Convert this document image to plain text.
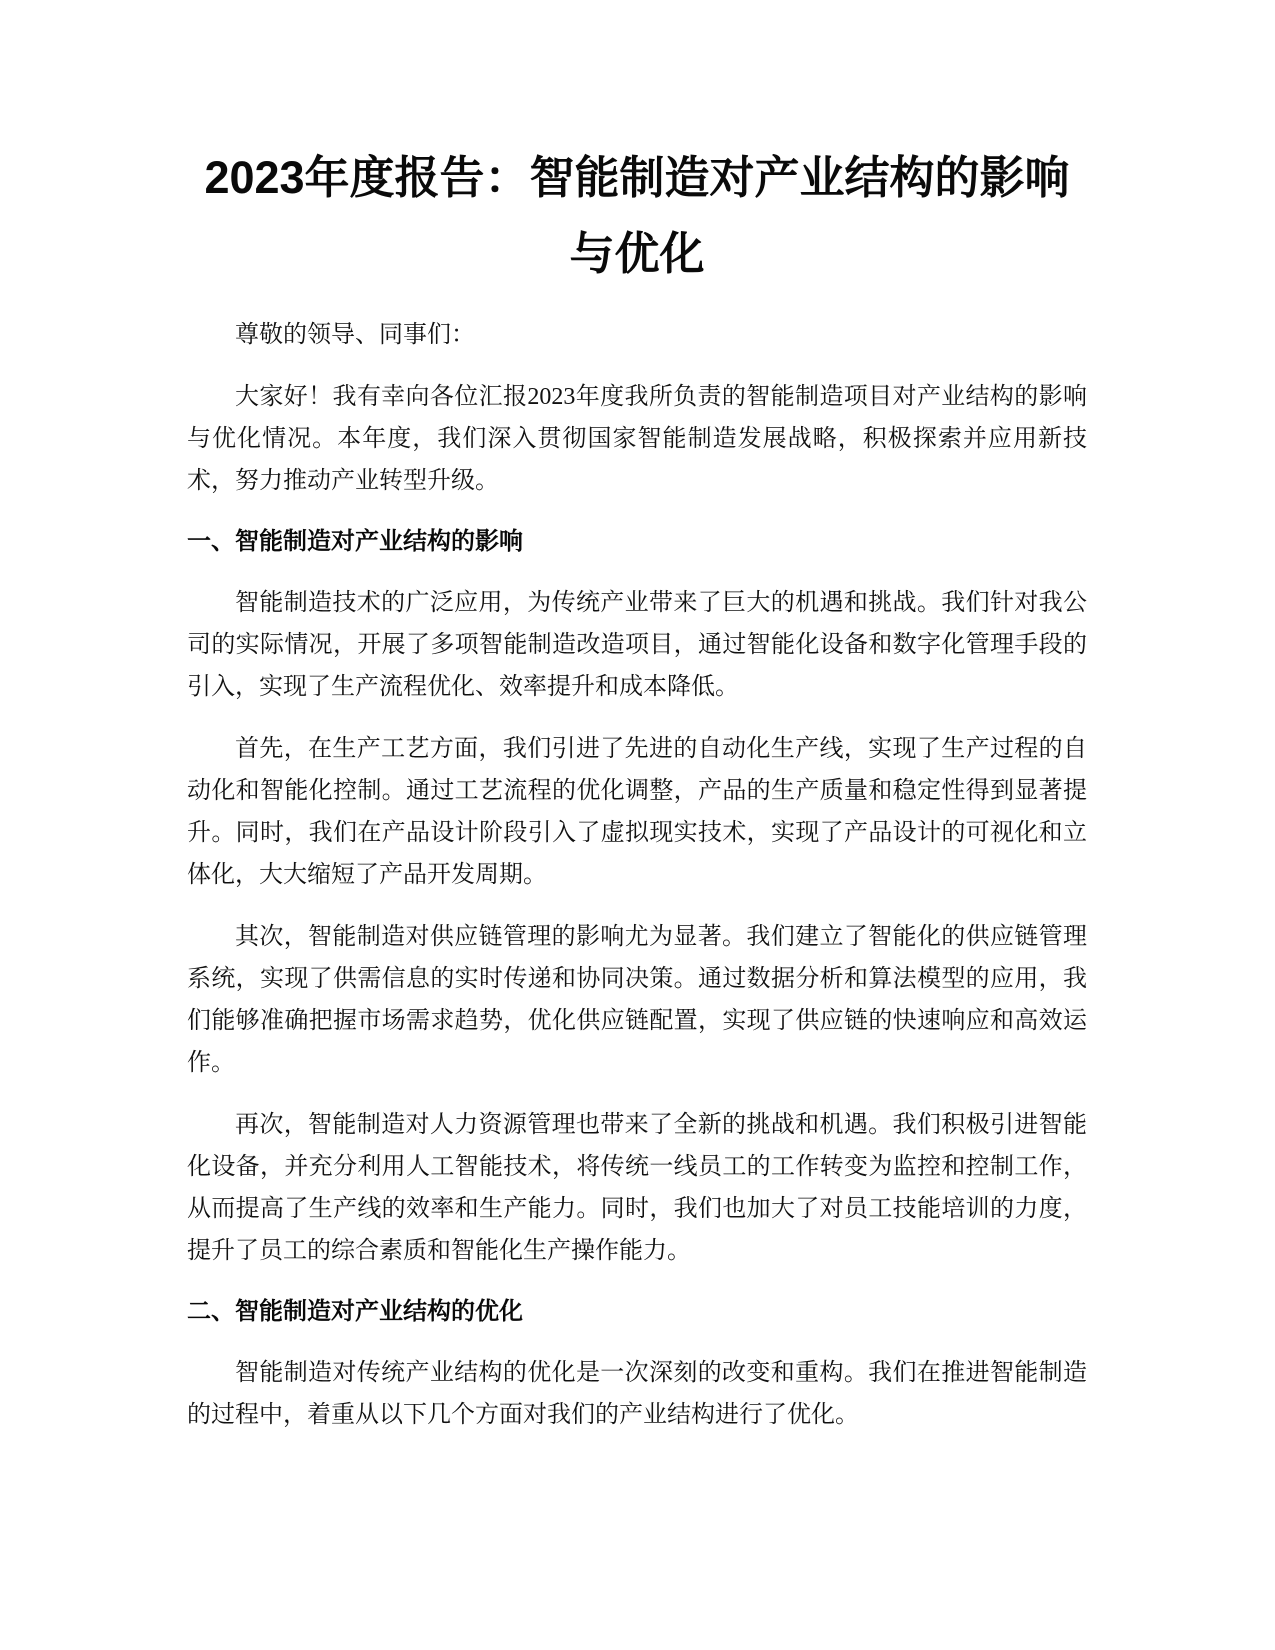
2023年度报告：智能制造对产业结构的影响与优化

尊敬的领导、同事们：

大家好！我有幸向各位汇报2023年度我所负责的智能制造项目对产业结构的影响与优化情况。本年度，我们深入贯彻国家智能制造发展战略，积极探索并应用新技术，努力推动产业转型升级。

一、智能制造对产业结构的影响

智能制造技术的广泛应用，为传统产业带来了巨大的机遇和挑战。我们针对我公司的实际情况，开展了多项智能制造改造项目，通过智能化设备和数字化管理手段的引入，实现了生产流程优化、效率提升和成本降低。

首先，在生产工艺方面，我们引进了先进的自动化生产线，实现了生产过程的自动化和智能化控制。通过工艺流程的优化调整，产品的生产质量和稳定性得到显著提升。同时，我们在产品设计阶段引入了虚拟现实技术，实现了产品设计的可视化和立体化，大大缩短了产品开发周期。

其次，智能制造对供应链管理的影响尤为显著。我们建立了智能化的供应链管理系统，实现了供需信息的实时传递和协同决策。通过数据分析和算法模型的应用，我们能够准确把握市场需求趋势，优化供应链配置，实现了供应链的快速响应和高效运作。

再次，智能制造对人力资源管理也带来了全新的挑战和机遇。我们积极引进智能化设备，并充分利用人工智能技术，将传统一线员工的工作转变为监控和控制工作，从而提高了生产线的效率和生产能力。同时，我们也加大了对员工技能培训的力度，提升了员工的综合素质和智能化生产操作能力。

二、智能制造对产业结构的优化

智能制造对传统产业结构的优化是一次深刻的改变和重构。我们在推进智能制造的过程中，着重从以下几个方面对我们的产业结构进行了优化。
